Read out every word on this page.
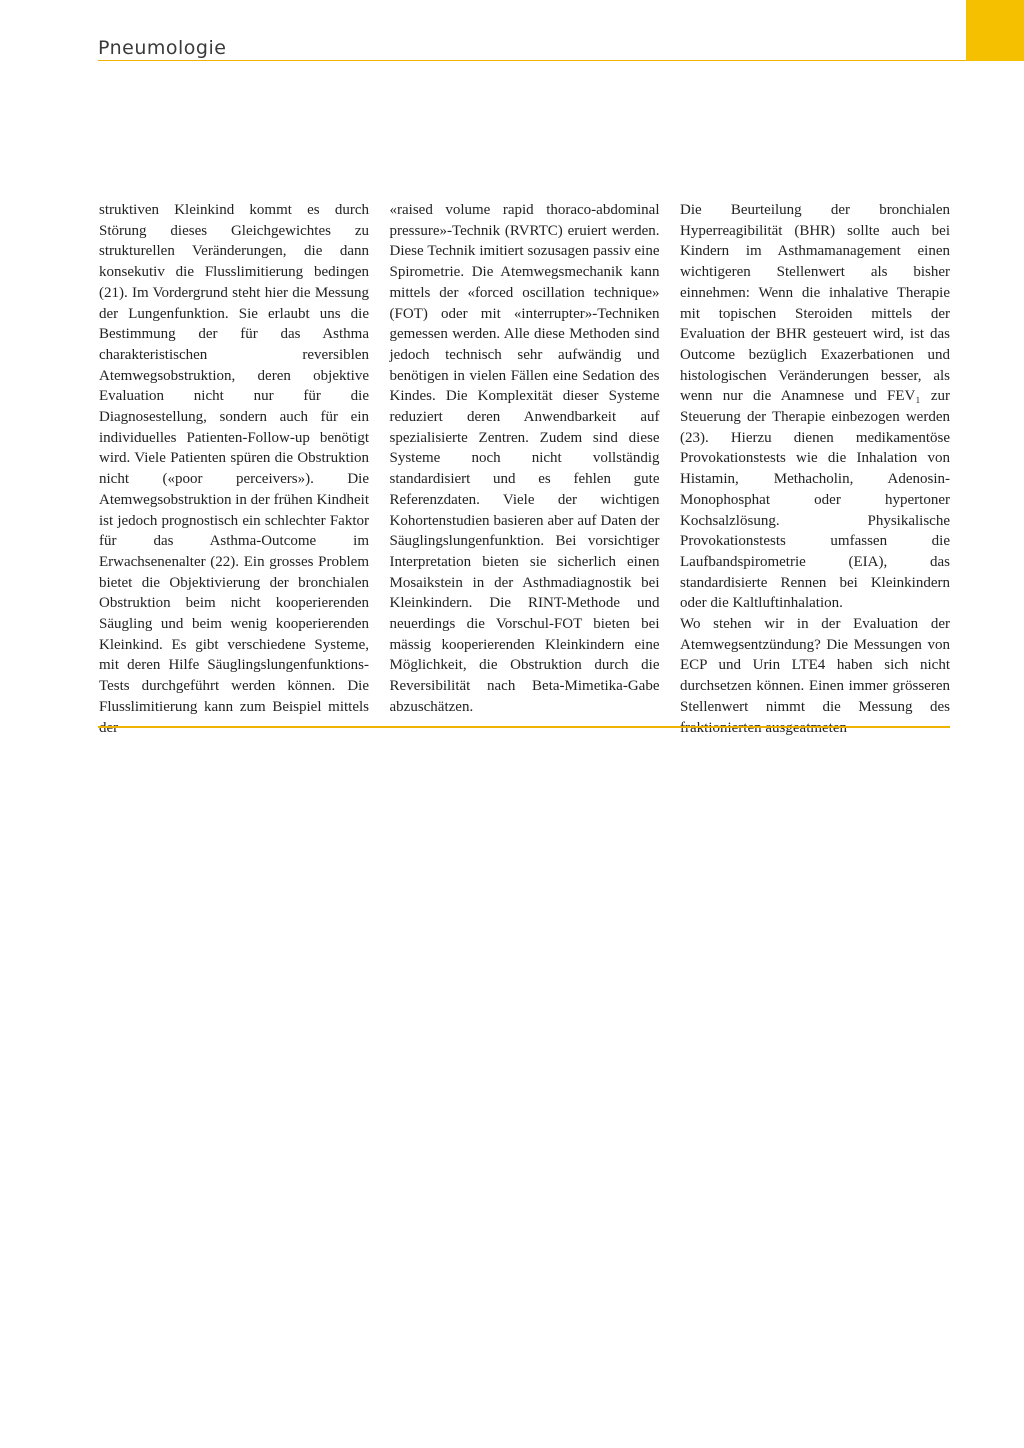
Pneumologie

struktiven Kleinkind kommt es durch Störung dieses Gleichgewichtes zu strukturellen Veränderungen, die dann konsekutiv die Flusslimitierung bedingen (21). Im Vordergrund steht hier die Messung der Lungenfunktion. Sie erlaubt uns die Bestimmung der für das Asthma charakteristischen reversiblen Atemwegsobstruktion, deren objektive Evaluation nicht nur für die Diagnosestellung, sondern auch für ein individuelles Patienten-Follow-up benötigt wird. Viele Patienten spüren die Obstruktion nicht («poor perceivers»). Die Atemwegsobstruktion in der frühen Kindheit ist jedoch prognostisch ein schlechter Faktor für das Asthma-Outcome im Erwachsenenalter (22). Ein grosses Problem bietet die Objektivierung der bronchialen Obstruktion beim nicht kooperierenden Säugling und beim wenig kooperierenden Kleinkind. Es gibt verschiedene Systeme, mit deren Hilfe Säuglingslungenfunktions-Tests durchgeführt werden können. Die Flusslimitierung kann zum Beispiel mittels

«raised volume rapid thoraco-abdominal pressure»-Technik (RVRTC) eruiert werden. Diese Technik imitiert sozusagen passiv eine Spirometrie. Die Atemwegsmechanik kann mittels der «forced oscillation technique» (FOT) oder mit «interrupter»-Techniken gemessen werden. Alle diese Methoden sind jedoch technisch sehr aufwändig und benötigen in vielen Fällen eine Sedation des Kindes. Die Komplexität dieser Systeme reduziert deren Anwendbarkeit auf spezialisierte Zentren. Zudem sind diese Systeme noch nicht vollständig standardisiert und es fehlen gute Referenzdaten. Viele der wichtigen Kohortenstudien basieren aber auf Daten der Säuglingslungenfunktion. Bei vorsichtiger Interpretation bieten sie sicherlich einen Mosaikstein in der Asthmadiagnostik bei Kleinkindern. Die RINT-Methode und neuerdings die Vorschul-FOT bieten bei mässig kooperierenden Kleinkindern eine Möglichkeit, die Obstruktion durch die Reversibilität nach Beta-Mimetika-Gabe abzuschätzen.

Die Beurteilung der bronchialen Hyperreagibilität (BHR) sollte auch bei Kindern im Asthmamanagement einen wichtigeren Stellenwert als bisher einnehmen: Wenn die inhalative Therapie mit topischen Steroiden mittels der Evaluation der BHR gesteuert wird, ist das Outcome bezüglich Exazerbationen und histologischen Veränderungen besser, als wenn nur die Anamnese und FEV₁ zur Steuerung der Therapie einbezogen werden (23). Hierzu dienen medikamentöse Provokationstests wie die Inhalation von Histamin, Methacholin, Adenosin-Monophosphat oder hypertoner Kochsalzlösung. Physikalische Provokationstests umfassen die Laufbandspirometrie (EIA), das standardisierte Rennen bei Kleinkindern oder die Kaltluftinhalation.

Wo stehen wir in der Evaluation der Atemwegsentzündung? Die Messungen von ECP und Urin LTE4 haben sich nicht durchsetzen können. Einen immer grösseren Stellenwert nimmt die Messung des
